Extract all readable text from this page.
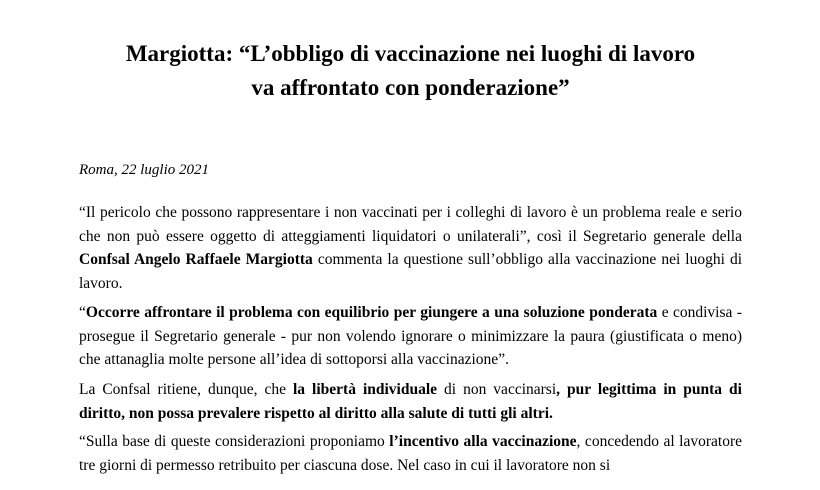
Margiotta: “L’obbligo di vaccinazione nei luoghi di lavoro
va affrontato con ponderazione”

Roma, 22 luglio 2021

“Il pericolo che possono rappresentare i non vaccinati per i colleghi di lavoro è un problema reale e serio che non può essere oggetto di atteggiamenti liquidatori o unilaterali”, così il Segretario generale della Confsal Angelo Raffaele Margiotta commenta la questione sull’obbligo alla vaccinazione nei luoghi di lavoro.

“Occorre affrontare il problema con equilibrio per giungere a una soluzione ponderata e condivisa - prosegue il Segretario generale - pur non volendo ignorare o minimizzare la paura (giustificata o meno) che attanaglia molte persone all’idea di sottoporsi alla vaccinazione”.

La Confsal ritiene, dunque, che la libertà individuale di non vaccinarsi, pur legittima in punta di diritto, non possa prevalere rispetto al diritto alla salute di tutti gli altri.

“Sulla base di queste considerazioni proponiamo l’incentivo alla vaccinazione, concedendo al lavoratore tre giorni di permesso retribuito per ciascuna dose. Nel caso in cui il lavoratore non si
